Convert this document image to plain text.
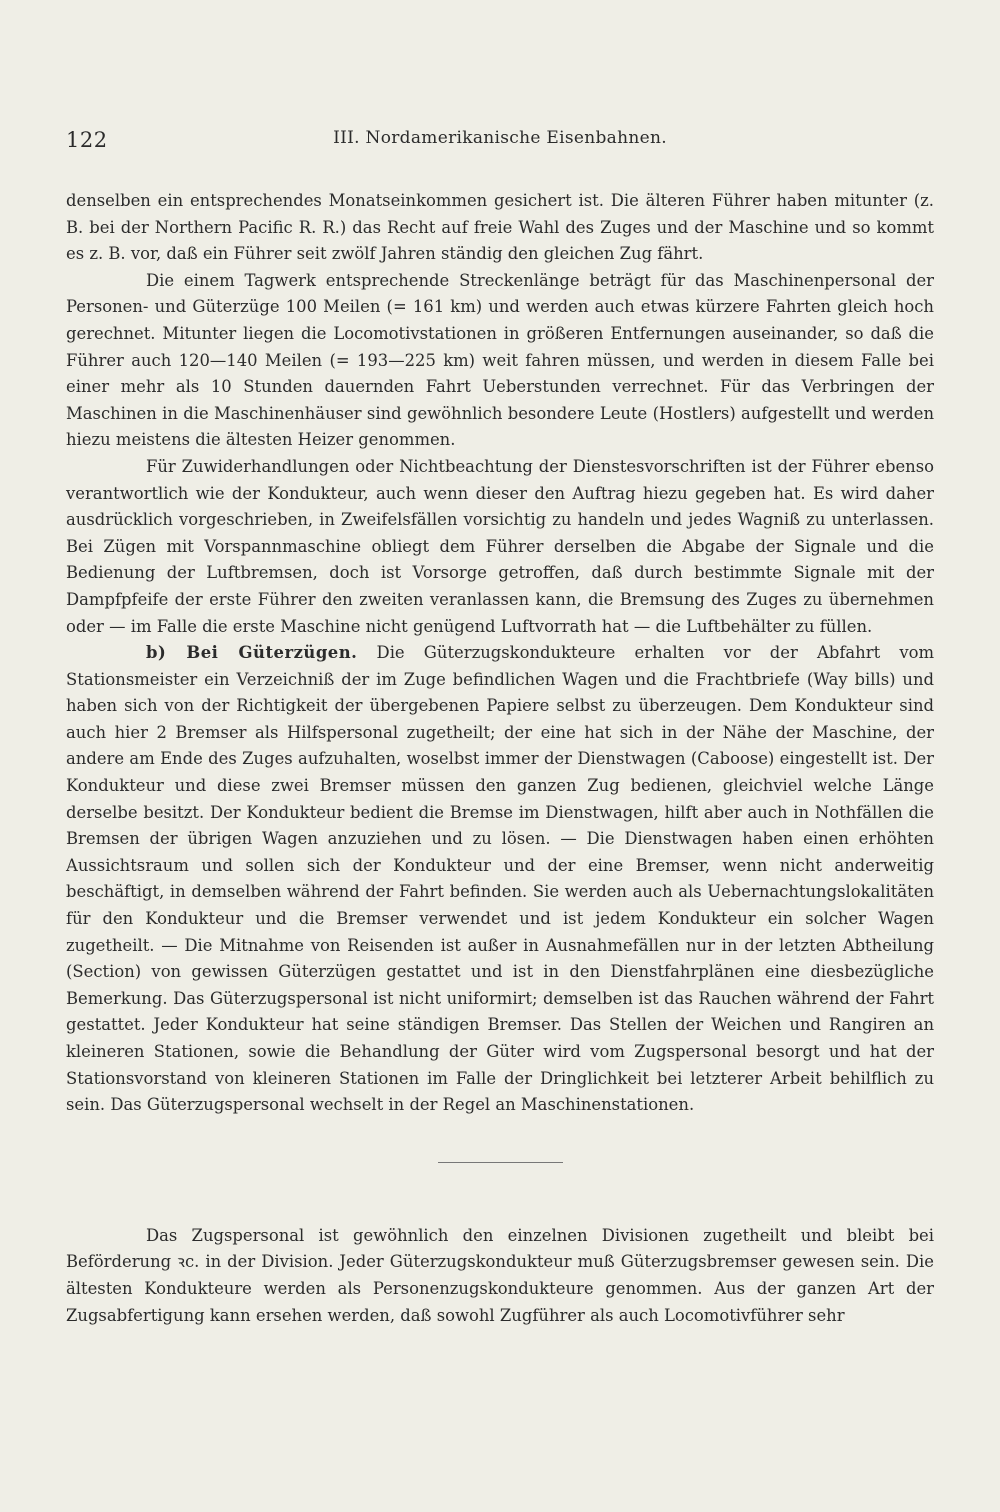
122	III. Nordamerikanische Eisenbahnen.

denselben ein entsprechendes Monatseinkommen gesichert ist. Die älteren Führer haben mitunter (z. B. bei der Northern Pacific R. R.) das Recht auf freie Wahl des Zuges und der Maschine und so kommt es z. B. vor, daß ein Führer seit zwölf Jahren ständig den gleichen Zug fährt.

Die einem Tagwerk entsprechende Streckenlänge beträgt für das Maschinenpersonal der Personen- und Güterzüge 100 Meilen (= 161 km) und werden auch etwas kürzere Fahrten gleich hoch gerechnet. Mitunter liegen die Locomotivstationen in größeren Entfernungen auseinander, so daß die Führer auch 120—140 Meilen (= 193—225 km) weit fahren müssen, und werden in diesem Falle bei einer mehr als 10 Stunden dauernden Fahrt Ueberstunden verrechnet. Für das Verbringen der Maschinen in die Maschinenhäuser sind gewöhnlich besondere Leute (Hostlers) aufgestellt und werden hiezu meistens die ältesten Heizer genommen.

Für Zuwiderhandlungen oder Nichtbeachtung der Dienstesvorschriften ist der Führer ebenso verantwortlich wie der Kondukteur, auch wenn dieser den Auftrag hiezu gegeben hat. Es wird daher ausdrücklich vorgeschrieben, in Zweifelsfällen vorsichtig zu handeln und jedes Wagniß zu unterlassen. Bei Zügen mit Vorspannmaschine obliegt dem Führer derselben die Abgabe der Signale und die Bedienung der Luftbremsen, doch ist Vorsorge getroffen, daß durch bestimmte Signale mit der Dampfpfeife der erste Führer den zweiten veranlassen kann, die Bremsung des Zuges zu übernehmen oder — im Falle die erste Maschine nicht genügend Luftvorrath hat — die Luftbehälter zu füllen.

b) Bei Güterzügen. Die Güterzugskondukteure erhalten vor der Abfahrt vom Stationsmeister ein Verzeichniß der im Zuge befindlichen Wagen und die Frachtbriefe (Way bills) und haben sich von der Richtigkeit der übergebenen Papiere selbst zu überzeugen. Dem Kondukteur sind auch hier 2 Bremser als Hilfspersonal zugetheilt; der eine hat sich in der Nähe der Maschine, der andere am Ende des Zuges aufzuhalten, woselbst immer der Dienstwagen (Caboose) eingestellt ist. Der Kondukteur und diese zwei Bremser müssen den ganzen Zug bedienen, gleichviel welche Länge derselbe besitzt. Der Kondukteur bedient die Bremse im Dienstwagen, hilft aber auch in Nothfällen die Bremsen der übrigen Wagen anzuziehen und zu lösen. — Die Dienstwagen haben einen erhöhten Aussichtsraum und sollen sich der Kondukteur und der eine Bremser, wenn nicht anderweitig beschäftigt, in demselben während der Fahrt befinden. Sie werden auch als Uebernachtungslokalitäten für den Kondukteur und die Bremser verwendet und ist jedem Kondukteur ein solcher Wagen zugetheilt. — Die Mitnahme von Reisenden ist außer in Ausnahmefällen nur in der letzten Abtheilung (Section) von gewissen Güterzügen gestattet und ist in den Dienstfahrplänen eine diesbezügliche Bemerkung. Das Güterzugspersonal ist nicht uniformirt; demselben ist das Rauchen während der Fahrt gestattet. Jeder Kondukteur hat seine ständigen Bremser. Das Stellen der Weichen und Rangiren an kleineren Stationen, sowie die Behandlung der Güter wird vom Zugspersonal besorgt und hat der Stationsvorstand von kleineren Stationen im Falle der Dringlichkeit bei letzterer Arbeit behilflich zu sein. Das Güterzugspersonal wechselt in der Regel an Maschinenstationen.

Das Zugspersonal ist gewöhnlich den einzelnen Divisionen zugetheilt und bleibt bei Beförderung ꝛc. in der Division. Jeder Güterzugskondukteur muß Güterzugsbremser gewesen sein. Die ältesten Kondukteure werden als Personenzugskondukteure genommen. Aus der ganzen Art der Zugsabfertigung kann ersehen werden, daß sowohl Zugführer als auch Locomotivführer sehr
